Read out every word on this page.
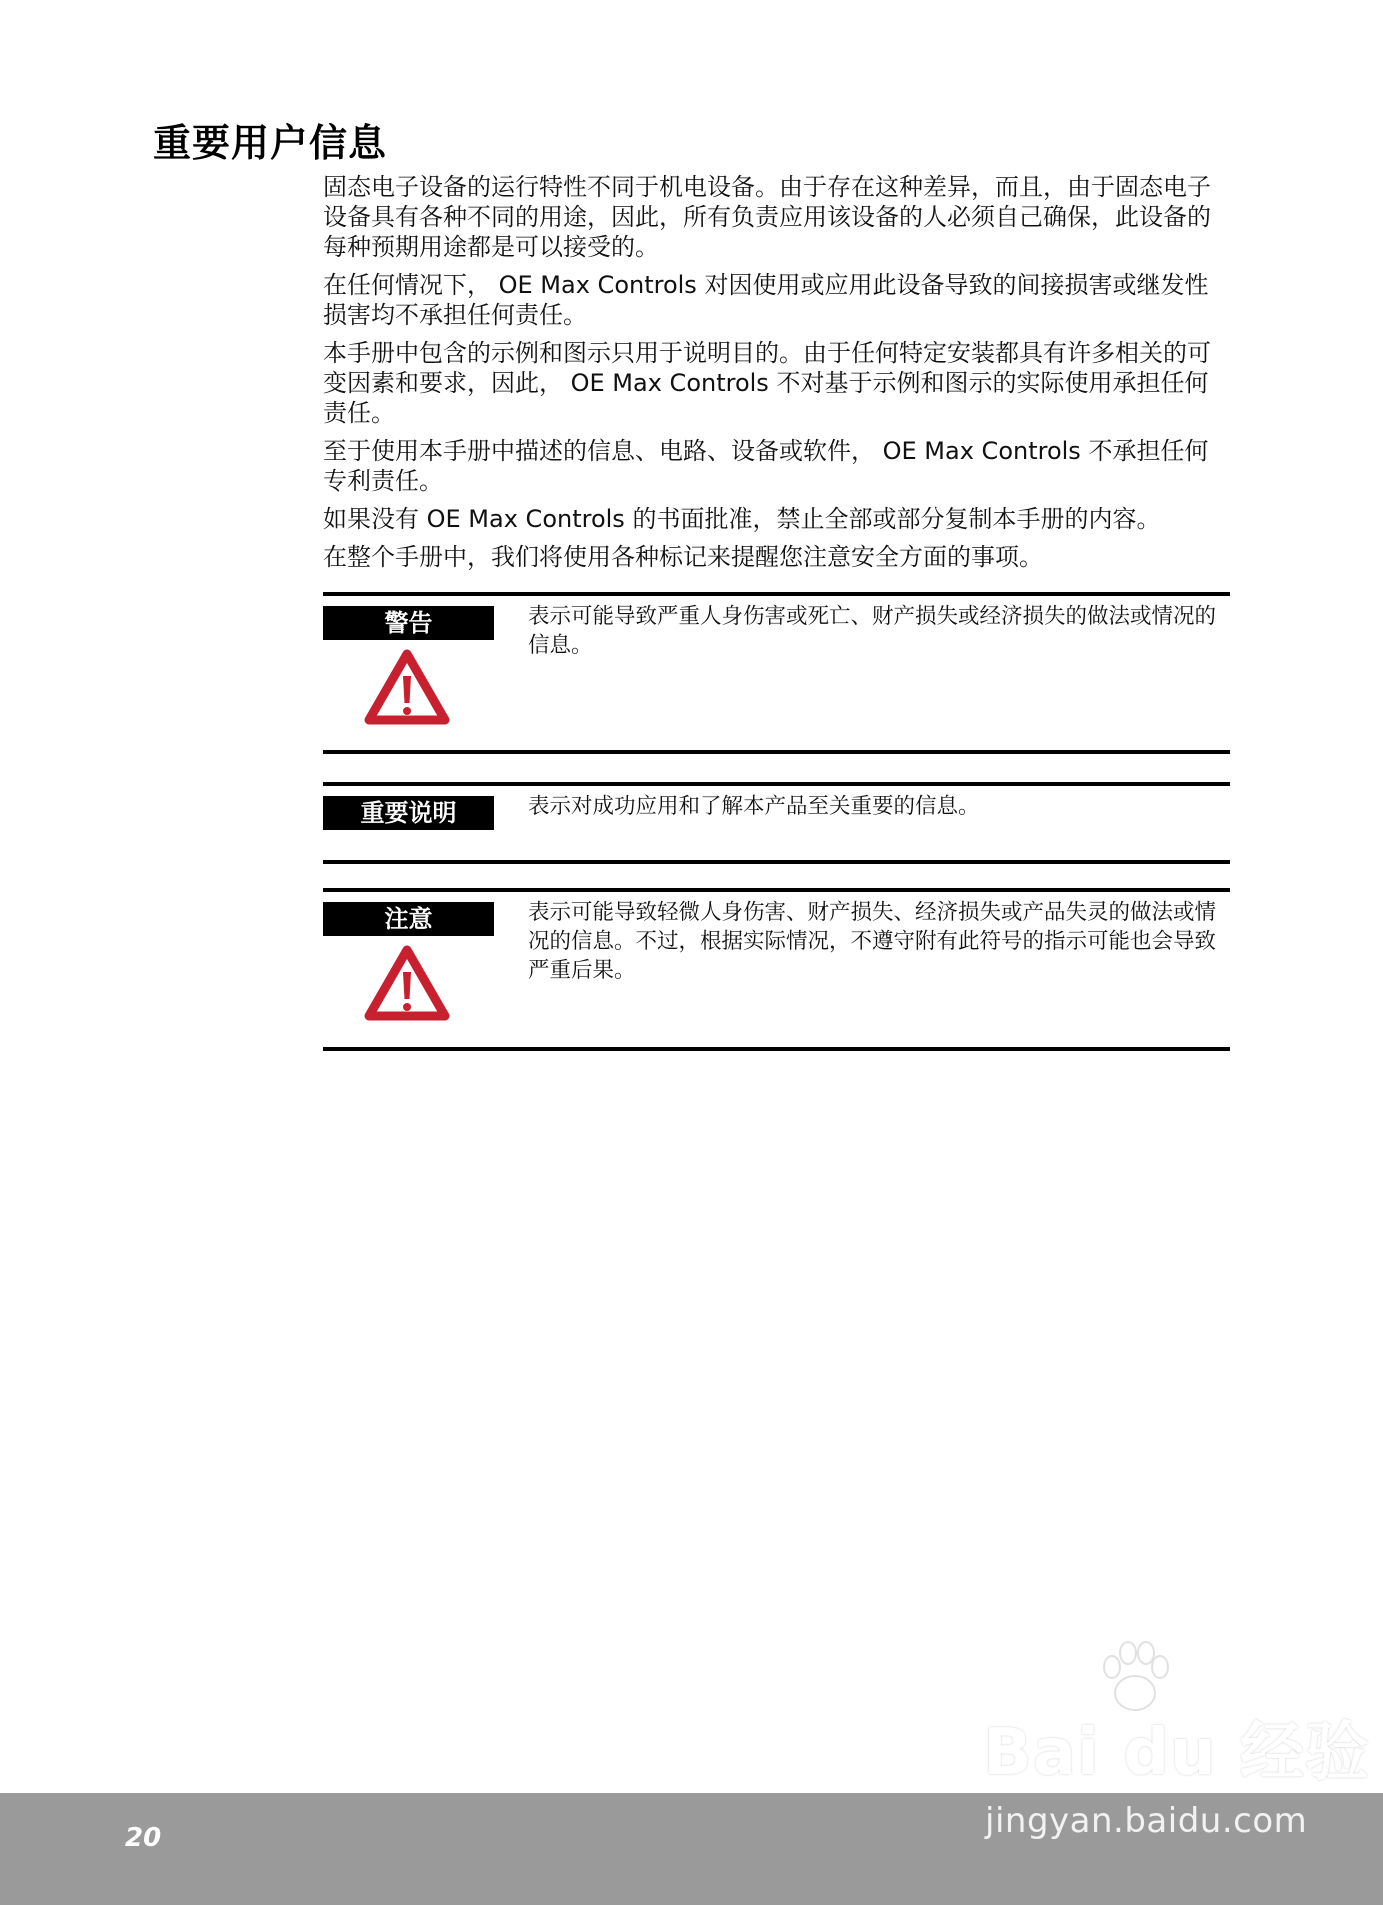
重要用户信息

固态电子设备的运行特性不同于机电设备。由于存在这种差异，而且，由于固态电子设备具有各种不同的用途，因此，所有负责应用该设备的人必须自己确保，此设备的每种预期用途都是可以接受的。

在任何情况下， OE Max Controls 对因使用或应用此设备导致的间接损害或继发性损害均不承担任何责任。

本手册中包含的示例和图示只用于说明目的。由于任何特定安装都具有许多相关的可变因素和要求，因此， OE Max Controls 不对基于示例和图示的实际使用承担任何责任。

至于使用本手册中描述的信息、电路、设备或软件， OE Max Controls 不承担任何专利责任。

如果没有 OE Max Controls 的书面批准，禁止全部或部分复制本手册的内容。

在整个手册中，我们将使用各种标记来提醒您注意安全方面的事项。

警告	表示可能导致严重人身伤害或死亡、财产损失或经济损失的做法或情况的信息。
重要说明	表示对成功应用和了解本产品至关重要的信息。
注意	表示可能导致轻微人身伤害、财产损失、经济损失或产品失灵的做法或情况的信息。不过，根据实际情况，不遵守附有此符号的指示可能也会导致严重后果。
Bai du 经验
20	jingyan.baidu.com
